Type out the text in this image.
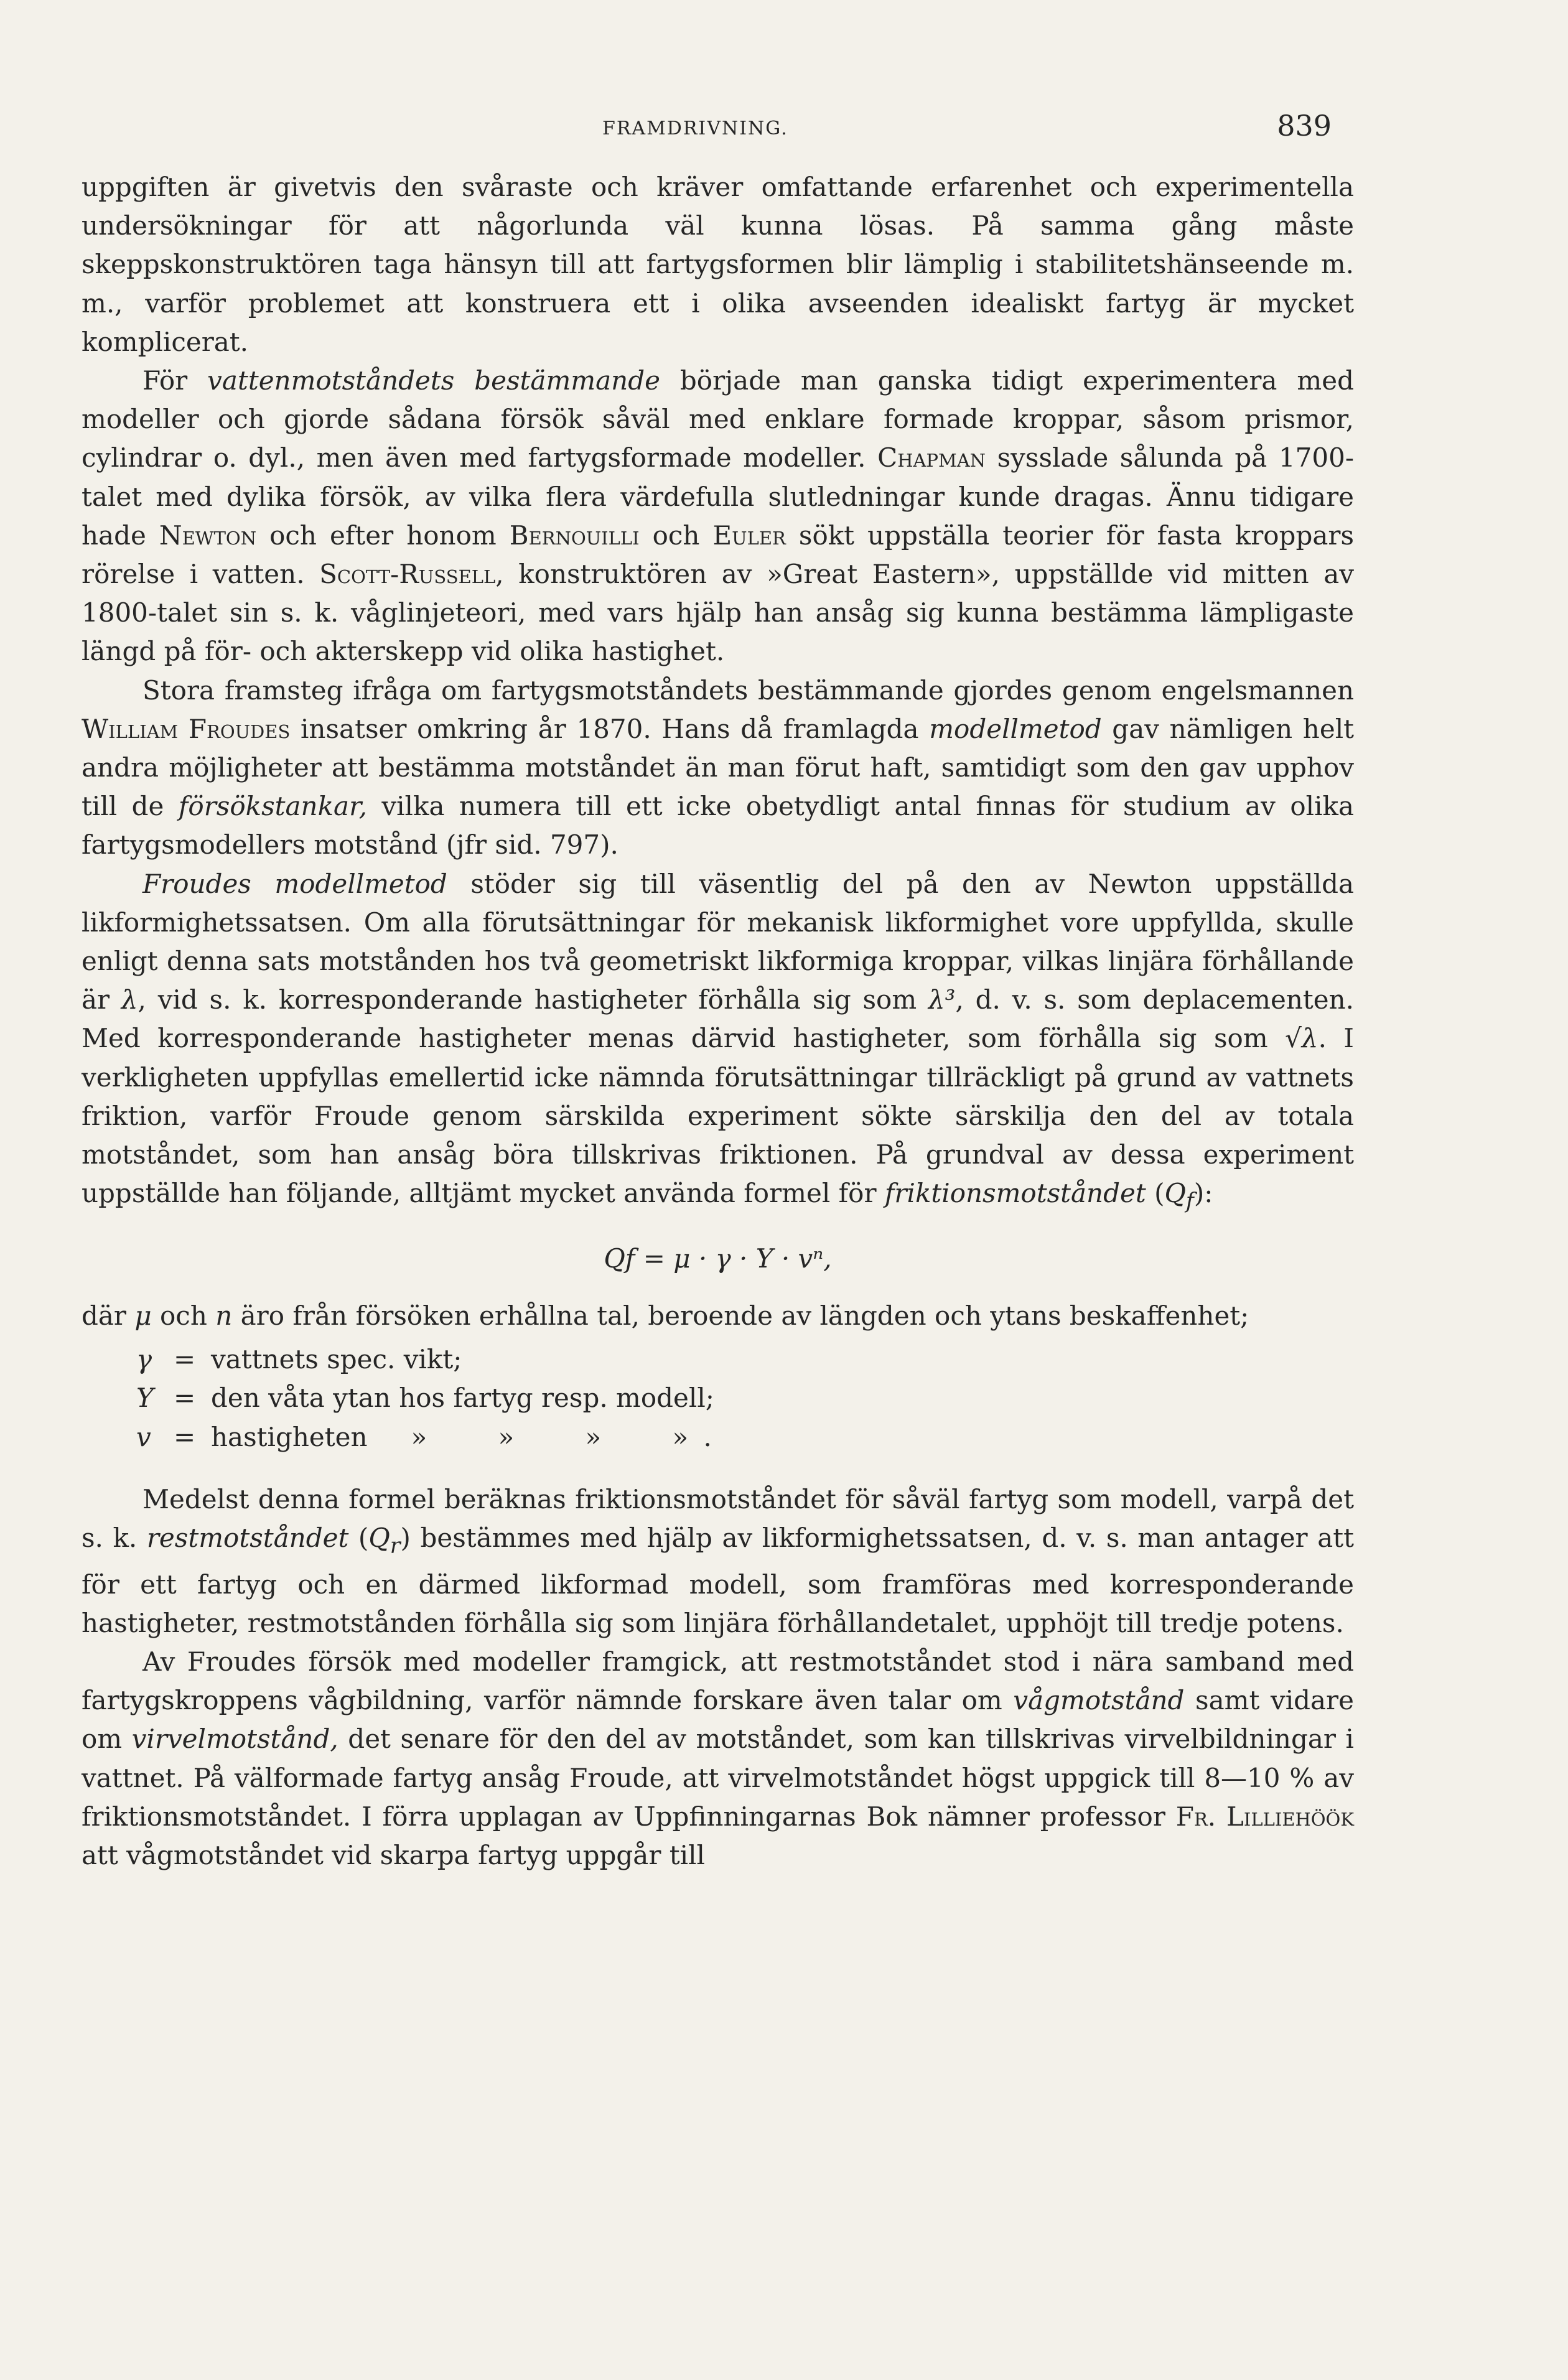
FRAMDRIVNING.	839

uppgiften är givetvis den svåraste och kräver omfattande erfarenhet och experimentella undersökningar för att någorlunda väl kunna lösas. På samma gång måste skeppskonstruktören taga hänsyn till att fartygsformen blir lämplig i stabilitetshänseende m. m., varför problemet att konstruera ett i olika avseenden idealiskt fartyg är mycket komplicerat.

För vattenmotståndets bestämmande började man ganska tidigt experimentera med modeller och gjorde sådana försök såväl med enklare formade kroppar, såsom prismor, cylindrar o. dyl., men även med fartygsformade modeller. Chapman sysslade sålunda på 1700-talet med dylika försök, av vilka flera värdefulla slutledningar kunde dragas. Ännu tidigare hade Newton och efter honom Bernouilli och Euler sökt uppställa teorier för fasta kroppars rörelse i vatten. Scott-Russell, konstruktören av »Great Eastern», uppställde vid mitten av 1800-talet sin s. k. våglinjeteori, med vars hjälp han ansåg sig kunna bestämma lämpligaste längd på för- och akterskepp vid olika hastighet.

Stora framsteg ifråga om fartygsmotståndets bestämmande gjordes genom engelsmannen William Froudes insatser omkring år 1870. Hans då framlagda modellmetod gav nämligen helt andra möjligheter att bestämma motståndet än man förut haft, samtidigt som den gav upphov till de försökstankar, vilka numera till ett icke obetydligt antal finnas för studium av olika fartygsmodellers motstånd (jfr sid. 797).

Froudes modellmetod stöder sig till väsentlig del på den av Newton uppställda likformighetssatsen. Om alla förutsättningar för mekanisk likformighet vore uppfyllda, skulle enligt denna sats motstånden hos två geometriskt likformiga kroppar, vilkas linjära förhållande är λ, vid s. k. korresponderande hastigheter förhålla sig som λ³, d. v. s. som deplacementen. Med korresponderande hastigheter menas därvid hastigheter, som förhålla sig som √λ. I verkligheten uppfyllas emellertid icke nämnda förutsättningar tillräckligt på grund av vattnets friktion, varför Froude genom särskilda experiment sökte särskilja den del av totala motståndet, som han ansåg böra tillskrivas friktionen. På grundval av dessa experiment uppställde han följande, alltjämt mycket använda formel för friktionsmotståndet $(Q_f)$:

Qf = μ · γ · Y · vⁿ,

där μ och n äro från försöken erhållna tal, beroende av längden och ytans beskaffenhet;

γ = vattnets spec. vikt;
Y = den våta ytan hos fartyg resp. modell;
v = hastigheten »	»	»	» .

Medelst denna formel beräknas friktionsmotståndet för såväl fartyg som modell, varpå det s. k. restmotståndet $(Q_r)$ bestämmes med hjälp av likformighetssatsen, d. v. s. man antager att för ett fartyg och en därmed likformad modell, som framföras med korresponderande hastigheter, restmotstånden förhålla sig som linjära förhållandetalet, upphöjt till tredje potens.

Av Froudes försök med modeller framgick, att restmotståndet stod i nära samband med fartygskroppens vågbildning, varför nämnde forskare även talar om vågmotstånd samt vidare om virvelmotstånd, det senare för den del av motståndet, som kan tillskrivas virvelbildningar i vattnet. På välformade fartyg ansåg Froude, att virvelmotståndet högst uppgick till 8—10 % av friktionsmotståndet. I förra upplagan av Uppfinningarnas Bok nämner professor Fr. Lilliehöök att vågmotståndet vid skarpa fartyg uppgår till
